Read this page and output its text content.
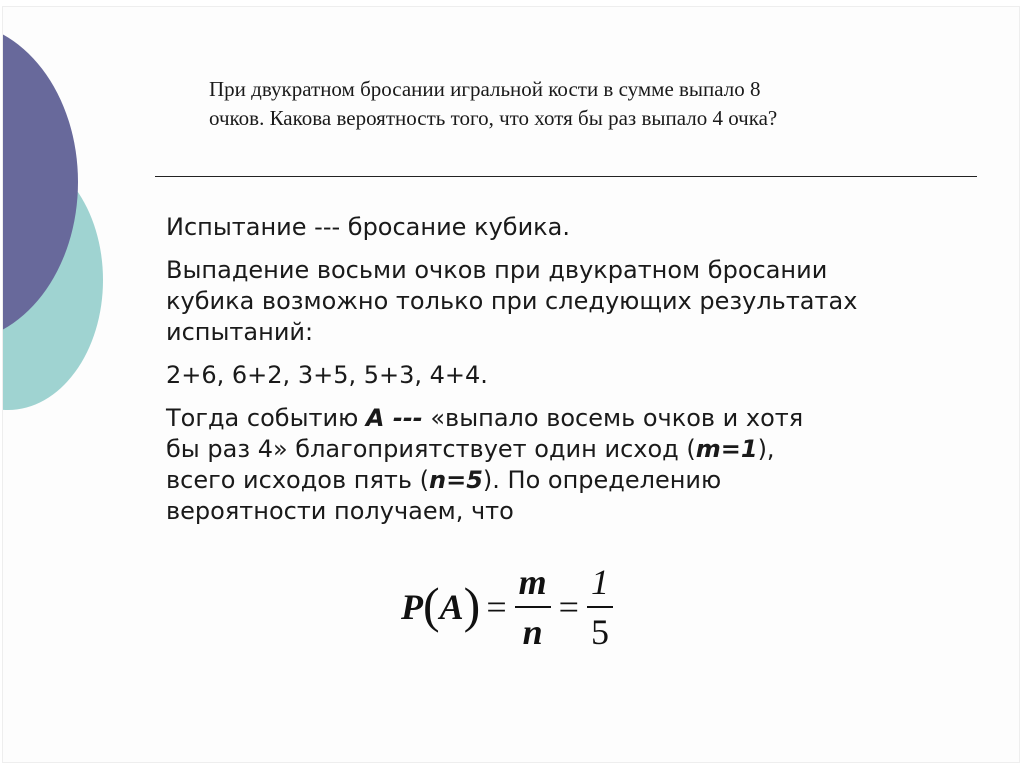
При двукратном бросании игральной кости в сумме выпало 8
очков. Какова вероятность того, что хотя бы раз выпало 4 очка?

Испытание --- бросание кубика.

Выпадение восьми очков при двукратном бросании
кубика возможно только при следующих результатах
испытаний:

2+6, 6+2, 3+5, 5+3, 4+4.

Тогда событию А --- «выпало восемь очков и хотя
бы раз 4» благоприятствует один исход (m=1),
всего исходов пять (n=5). По определению
вероятности получаем, что

P ( A ) = $\frac{m}{n} = \frac{1}{5}$
